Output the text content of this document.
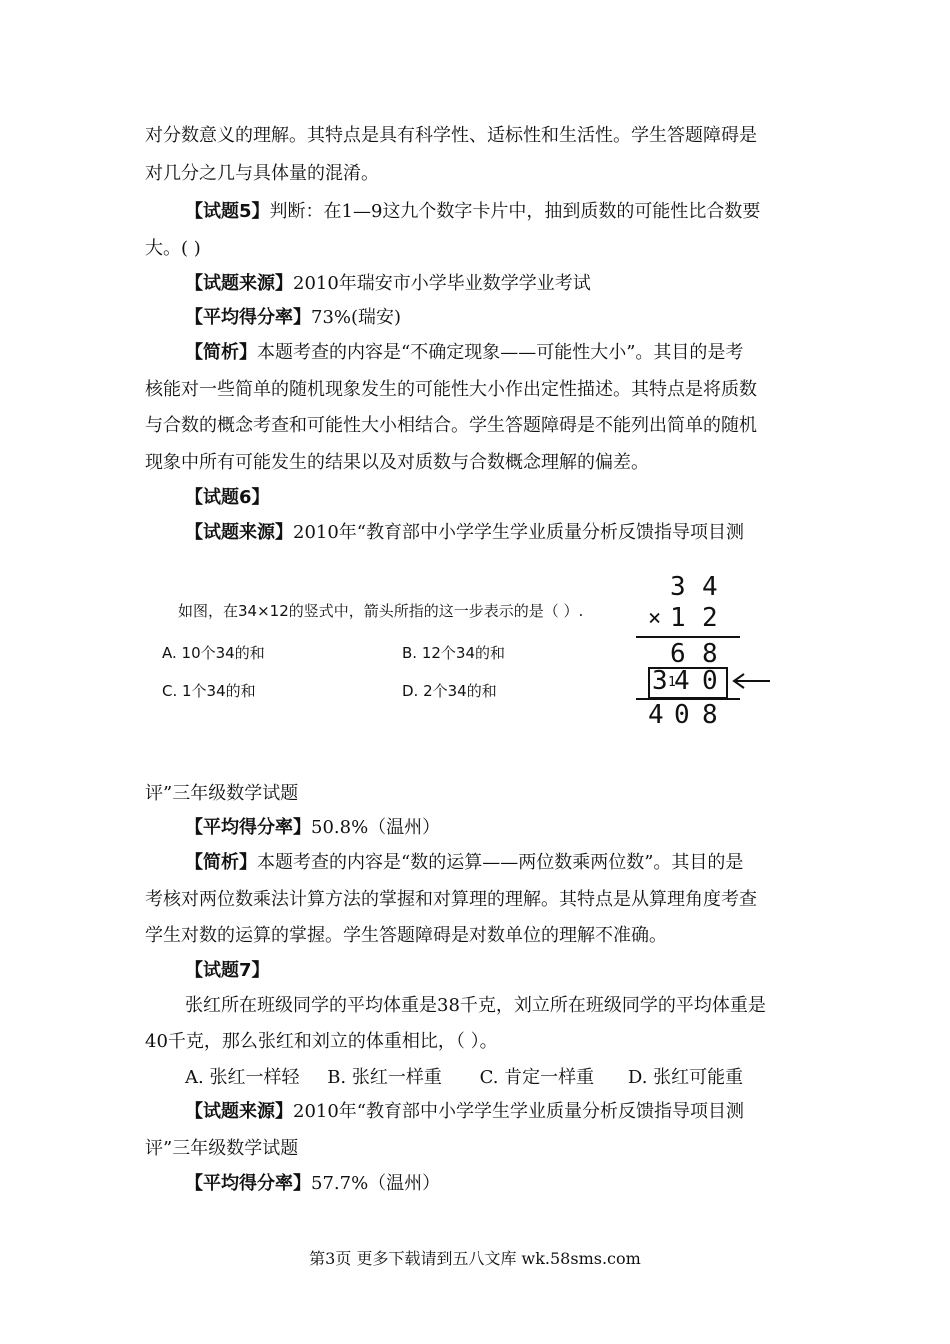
对分数意义的理解。其特点是具有科学性、适标性和生活性。学生答题障碍是
对几分之几与具体量的混淆。
【试题5】判断：在1—9这九个数字卡片中，抽到质数的可能性比合数要
大。( )
【试题来源】2010年瑞安市小学毕业数学学业考试
【平均得分率】73%(瑞安)
【简析】本题考查的内容是“不确定现象——可能性大小”。其目的是考
核能对一些简单的随机现象发生的可能性大小作出定性描述。其特点是将质数
与合数的概念考查和可能性大小相结合。学生答题障碍是不能列出简单的随机
现象中所有可能发生的结果以及对质数与合数概念理解的偏差。
【试题6】
【试题来源】2010年“教育部中小学学生学业质量分析反馈指导项目测
如图，在34×12的竖式中，箭头所指的这一步表示的是（ ）.
A. 10个34的和	B. 12个34的和
C. 1个34的和	D. 2个34的和
3 4
× 1 2
6 8
3 1
4 0
4 0 8
评”三年级数学试题
【平均得分率】50.8%（温州）
【简析】本题考查的内容是“数的运算——两位数乘两位数”。其目的是
考核对两位数乘法计算方法的掌握和对算理的理解。其特点是从算理角度考查
学生对数的运算的掌握。学生答题障碍是对数单位的理解不准确。
【试题7】
张红所在班级同学的平均体重是38千克，刘立所在班级同学的平均体重是
40千克，那么张红和刘立的体重相比，（ ）。
A. 张红一样轻 B. 张红一样重 C. 肯定一样重 D. 张红可能重
【试题来源】2010年“教育部中小学学生学业质量分析反馈指导项目测
评”三年级数学试题
【平均得分率】57.7%（温州）
第3页 更多下载请到五八文库 wk.58sms.com
